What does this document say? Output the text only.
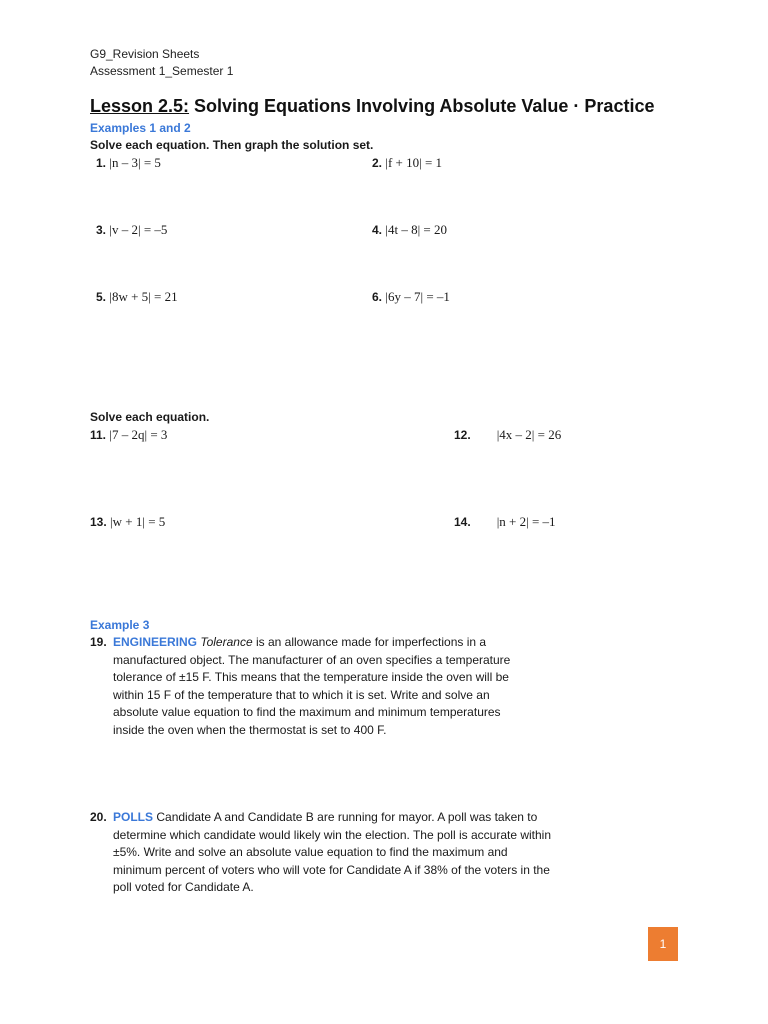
G9_Revision Sheets
Assessment 1_Semester 1
Lesson 2.5: Solving Equations Involving Absolute Value · Practice
Examples 1 and 2
Solve each equation. Then graph the solution set.
1. |n – 3| = 5	2. |f + 10| = 1
3. |v – 2| = –5	4. |4t – 8| = 20
5. |8w + 5| = 21	6. |6y – 7| = –1
Solve each equation.
11. |7 – 2q| = 3	12. |4x – 2| = 26
13. |w + 1| = 5	14. |n + 2| = –1
Example 3
19. ENGINEERING Tolerance is an allowance made for imperfections in a
manufactured object. The manufacturer of an oven specifies a temperature
tolerance of ±15 F. This means that the temperature inside the oven will be
within 15 F of the temperature that to which it is set. Write and solve an
absolute value equation to find the maximum and minimum temperatures
inside the oven when the thermostat is set to 400 F.
20. POLLS Candidate A and Candidate B are running for mayor. A poll was taken to
determine which candidate would likely win the election. The poll is accurate within
±5%. Write and solve an absolute value equation to find the maximum and
minimum percent of voters who will vote for Candidate A if 38% of the voters in the
poll voted for Candidate A.
1
